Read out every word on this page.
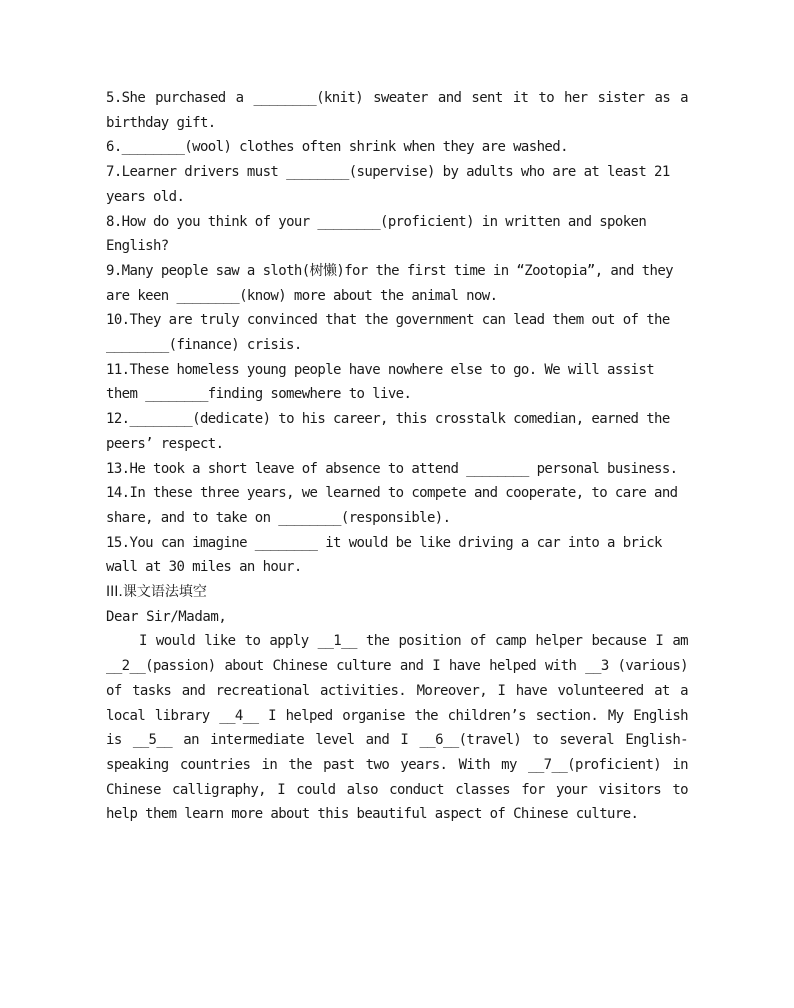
5.She purchased a ________(knit) sweater and sent it to her sister as a birthday gift.

6.________(wool) clothes often shrink when they are washed.

7.Learner drivers must ________(supervise) by adults who are at least 21 years old.

8.How do you think of your ________(proficient) in written and spoken English?

9.Many people saw a sloth(树懒)for the first time in “Zootopia”, and they are keen ________(know) more about the animal now.

10.They are truly convinced that the government can lead them out of the ________(finance) crisis.

11.These homeless young people have nowhere else to go. We will assist them ________finding somewhere to live.

12.________(dedicate) to his career, this crosstalk comedian, earned the peers’ respect.

13.He took a short leave of absence to attend ________ personal business.

14.In these three years, we learned to compete and cooperate, to care and share, and to take on ________(responsible).

15.You can imagine ________ it would be like driving a car into a brick wall at 30 miles an hour.

III.课文语法填空

Dear Sir/Madam,

I would like to apply __1__ the position of camp helper because I am __2__(passion) about Chinese culture and I have helped with __3 (various) of tasks and recreational activities. Moreover, I have volunteered at a local library __4__ I helped organise the children’s section. My English is __5__ an intermediate level and I __6__(travel) to several English-speaking countries in the past two years. With my __7__(proficient) in Chinese calligraphy, I could also conduct classes for your visitors to help them learn more about this beautiful aspect of Chinese culture.
